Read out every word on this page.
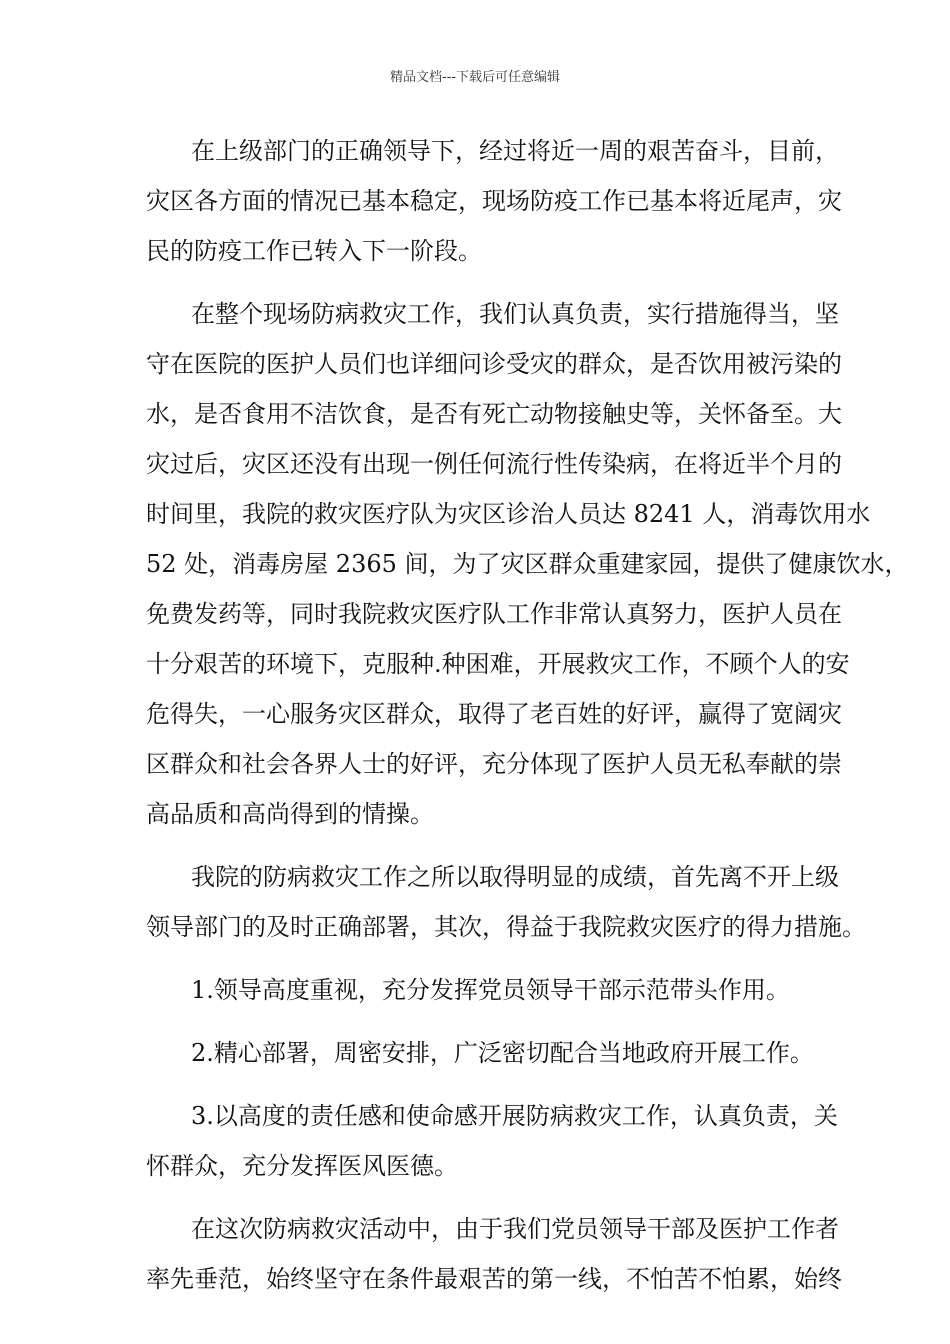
精品文档---下载后可任意编辑
在上级部门的正确领导下，经过将近一周的艰苦奋斗，目前，
灾区各方面的情况已基本稳定，现场防疫工作已基本将近尾声，灾
民的防疫工作已转入下一阶段。
在整个现场防病救灾工作，我们认真负责，实行措施得当，坚
守在医院的医护人员们也详细问诊受灾的群众，是否饮用被污染的
水，是否食用不洁饮食，是否有死亡动物接触史等，关怀备至。大
灾过后，灾区还没有出现一例任何流行性传染病，在将近半个月的
时间里，我院的救灾医疗队为灾区诊治人员达 8241 人，消毒饮用水
52 处，消毒房屋 2365 间，为了灾区群众重建家园，提供了健康饮水，
免费发药等，同时我院救灾医疗队工作非常认真努力，医护人员在
十分艰苦的环境下，克服种.种困难，开展救灾工作，不顾个人的安
危得失，一心服务灾区群众，取得了老百姓的好评，赢得了宽阔灾
区群众和社会各界人士的好评，充分体现了医护人员无私奉献的崇
高品质和高尚得到的情操。
我院的防病救灾工作之所以取得明显的成绩，首先离不开上级
领导部门的及时正确部署，其次，得益于我院救灾医疗的得力措施。
1.领导高度重视，充分发挥党员领导干部示范带头作用。
2.精心部署，周密安排，广泛密切配合当地政府开展工作。
3.以高度的责任感和使命感开展防病救灾工作，认真负责，关
怀群众，充分发挥医风医德。
在这次防病救灾活动中，由于我们党员领导干部及医护工作者
率先垂范，始终坚守在条件最艰苦的第一线，不怕苦不怕累，始终
